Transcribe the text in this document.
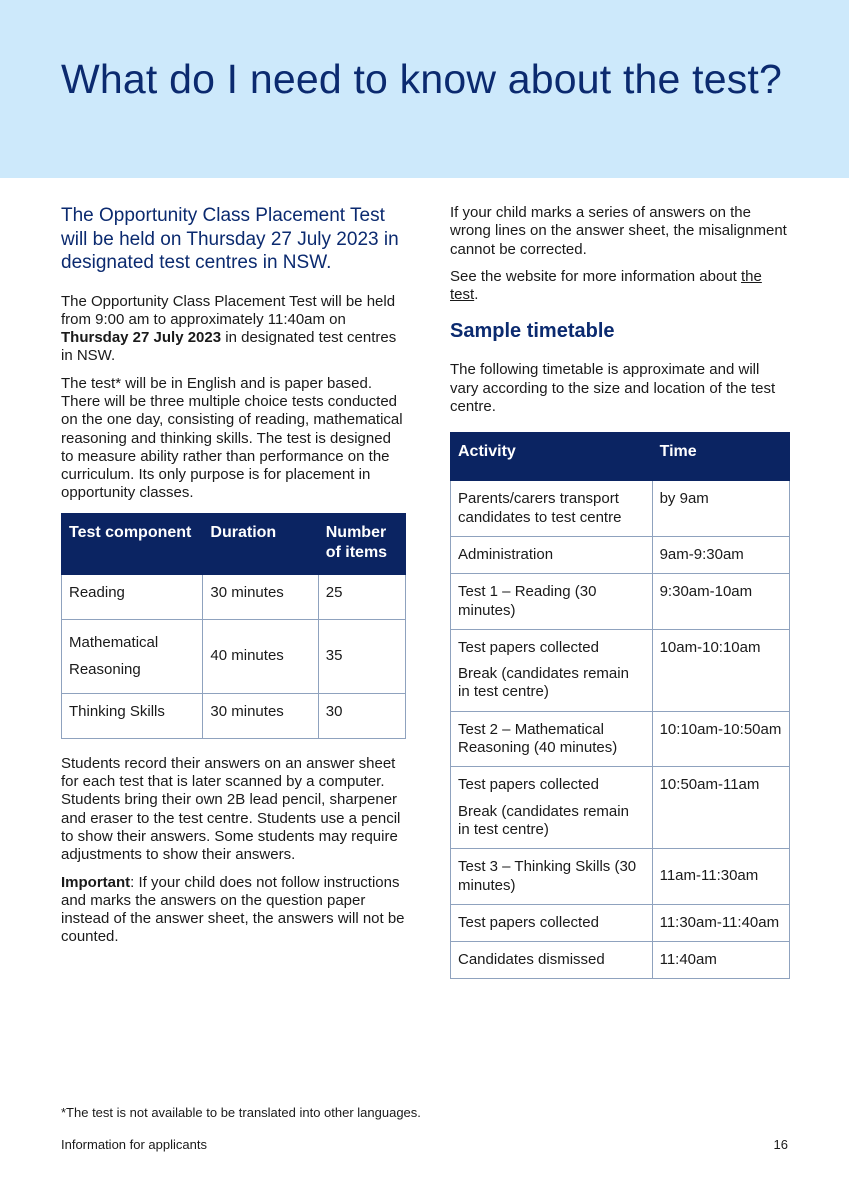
What do I need to know about the test?

The Opportunity Class Placement Test will be held on Thursday 27 July 2023 in designated test centres in NSW.

The Opportunity Class Placement Test will be held from 9:00 am to approximately 11:40am on Thursday 27 July 2023 in designated test centres in NSW.

The test* will be in English and is paper based. There will be three multiple choice tests conducted on the one day, consisting of reading, mathematical reasoning and thinking skills. The test is designed to measure ability rather than performance on the curriculum. Its only purpose is for placement in opportunity classes.

Test component	Duration	Number of items
Reading	30 minutes	25
Mathematical Reasoning	40 minutes	35
Thinking Skills	30 minutes	30

Students record their answers on an answer sheet for each test that is later scanned by a computer. Students bring their own 2B lead pencil, sharpener and eraser to the test centre. Students use a pencil to show their answers. Some students may require adjustments to show their answers.

Important: If your child does not follow instructions and marks the answers on the question paper instead of the answer sheet, the answers will not be counted.

If your child marks a series of answers on the wrong lines on the answer sheet, the misalignment cannot be corrected.

See the website for more information about the test.

Sample timetable

The following timetable is approximate and will vary according to the size and location of the test centre.

Activity	Time

Parents/carers transport candidates to test centre	by 9am

Administration	9am-9:30am

Test 1 – Reading (30 minutes)	9:30am-10am

Test papers collected
Break (candidates remain in test centre)	10am-10:10am

Test 2 – Mathematical Reasoning (40 minutes)	10:10am-10:50am

Test papers collected
Break (candidates remain in test centre)	10:50am-11am

Test 3 – Thinking Skills (30 minutes)	11am-11:30am

Test papers collected	11:30am-11:40am

Candidates dismissed	11:40am
*The test is not available to be translated into other languages.
Information for applicants	16
